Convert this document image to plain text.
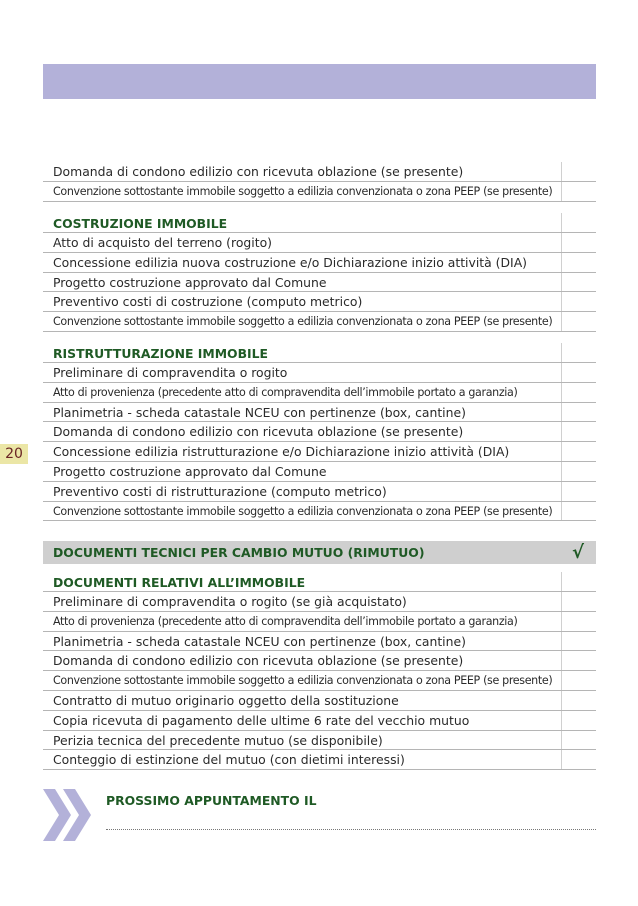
20
Domanda di condono edilizio con ricevuta oblazione (se presente)
Convenzione sottostante immobile soggetto a edilizia convenzionata o zona PEEP (se presente)
COSTRUZIONE IMMOBILE
Atto di acquisto del terreno (rogito)
Concessione edilizia nuova costruzione e/o Dichiarazione inizio attività (DIA)
Progetto costruzione approvato dal Comune
Preventivo costi di costruzione (computo metrico)
Convenzione sottostante immobile soggetto a edilizia convenzionata o zona PEEP (se presente)
RISTRUTTURAZIONE IMMOBILE
Preliminare di compravendita o rogito
Atto di provenienza (precedente atto di compravendita dell’immobile portato a garanzia)
Planimetria - scheda catastale NCEU con pertinenze (box, cantine)
Domanda di condono edilizio con ricevuta oblazione (se presente)
Concessione edilizia ristrutturazione e/o Dichiarazione inizio attività (DIA)
Progetto costruzione approvato dal Comune
Preventivo costi di ristrutturazione (computo metrico)
Convenzione sottostante immobile soggetto a edilizia convenzionata o zona PEEP (se presente)
DOCUMENTI RELATIVI ALL’IMMOBILE
Preliminare di compravendita o rogito (se già acquistato)
Atto di provenienza (precedente atto di compravendita dell’immobile portato a garanzia)
Planimetria - scheda catastale NCEU con pertinenze (box, cantine)
Domanda di condono edilizio con ricevuta oblazione (se presente)
Convenzione sottostante immobile soggetto a edilizia convenzionata o zona PEEP (se presente)
Contratto di mutuo originario oggetto della sostituzione
Copia ricevuta di pagamento delle ultime 6 rate del vecchio mutuo
Perizia tecnica del precedente mutuo (se disponibile)
Conteggio di estinzione del mutuo (con dietimi interessi)
DOCUMENTI TECNICI PER CAMBIO MUTUO (RIMUTUO)	√
PROSSIMO APPUNTAMENTO IL
